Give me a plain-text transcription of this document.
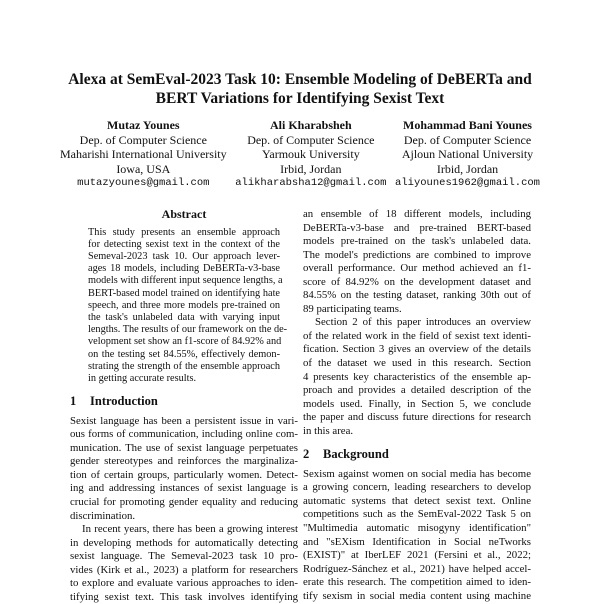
Alexa at SemEval-2023 Task 10: Ensemble Modeling of DeBERTa and
BERT Variations for Identifying Sexist Text
Mutaz Younes
Dep. of Computer Science
Maharishi International University
Iowa, USA
mutazyounes@gmail.com
Ali Kharabsheh
Dep. of Computer Science
Yarmouk University
Irbid, Jordan
alikharabsha12@gmail.com
Mohammad Bani Younes
Dep. of Computer Science
Ajloun National University
Irbid, Jordan
aliyounes1962@gmail.com
Abstract
This study presents an ensemble approach
for detecting sexist text in the context of the
Semeval-2023 task 10. Our approach lever-
ages 18 models, including DeBERTa-v3-base
models with different input sequence lengths, a
BERT-based model trained on identifying hate
speech, and three more models pre-trained on
the task's unlabeled data with varying input
lengths. The results of our framework on the de-
velopment set show an f1-score of 84.92% and
on the testing set 84.55%, effectively demon-
strating the strength of the ensemble approach
in getting accurate results.
1 Introduction
Sexist language has been a persistent issue in vari-
ous forms of communication, including online com-
munication. The use of sexist language perpetuates
gender stereotypes and reinforces the marginaliza-
tion of certain groups, particularly women. Detect-
ing and addressing instances of sexist language is
crucial for promoting gender equality and reducing
discrimination.
In recent years, there has been a growing interest
in developing methods for automatically detecting
sexist language. The Semeval-2023 task 10 pro-
vides (Kirk et al., 2023) a platform for researchers
to explore and evaluate various approaches to iden-
tifying sexist text. This task involves identifying
an ensemble of 18 different models, including
DeBERTa-v3-base and pre-trained BERT-based
models pre-trained on the task's unlabeled data.
The model's predictions are combined to improve
overall performance. Our method achieved an f1-
score of 84.92% on the development dataset and
84.55% on the testing dataset, ranking 30th out of
89 participating teams.
Section 2 of this paper introduces an overview
of the related work in the field of sexist text identi-
fication. Section 3 gives an overview of the details
of the dataset we used in this research. Section
4 presents key characteristics of the ensemble ap-
proach and provides a detailed description of the
models used. Finally, in Section 5, we conclude
the paper and discuss future directions for research
in this area.
2 Background
Sexism against women on social media has become
a growing concern, leading researchers to develop
automatic systems that detect sexist text. Online
competitions such as the SemEval-2022 Task 5 on
"Multimedia automatic misogyny identification"
and "sEXism Identification in Social neTworks
(EXIST)" at IberLEF 2021 (Fersini et al., 2022;
Rodríguez-Sánchez et al., 2021) have helped accel-
erate this research. The competition aimed to iden-
tify sexism in social media content using machine
